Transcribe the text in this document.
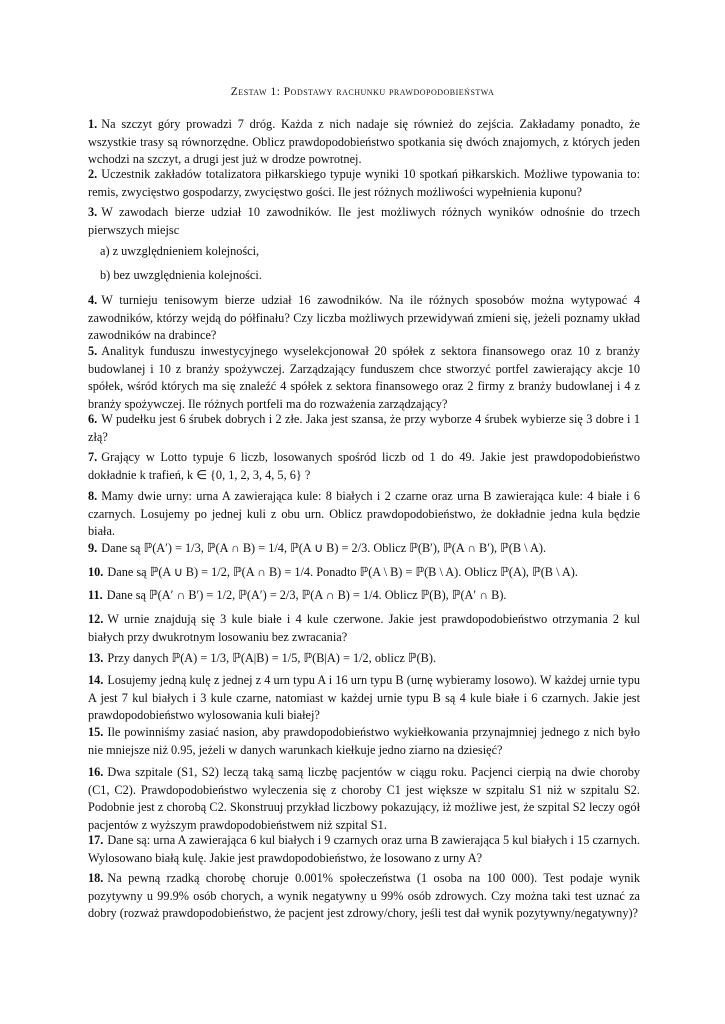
Zestaw 1: Podstawy rachunku prawdopodobieństwa

1. Na szczyt góry prowadzi 7 dróg. Każda z nich nadaje się również do zejścia. Zakładamy ponadto, że wszystkie trasy są równorzędne. Oblicz prawdopodobieństwo spotkania się dwóch znajomych, z których jeden wchodzi na szczyt, a drugi jest już w drodze powrotnej.

2. Uczestnik zakładów totalizatora piłkarskiego typuje wyniki 10 spotkań piłkarskich. Możliwe typowania to: remis, zwycięstwo gospodarzy, zwycięstwo gości. Ile jest różnych możliwości wypełnienia kuponu?

3. W zawodach bierze udział 10 zawodników. Ile jest możliwych różnych wyników odnośnie do trzech pierwszych miejsc

a) z uwzględnieniem kolejności,

b) bez uwzględnienia kolejności.

4. W turnieju tenisowym bierze udział 16 zawodników. Na ile różnych sposobów można wytypować 4 zawodników, którzy wejdą do półfinału? Czy liczba możliwych przewidywań zmieni się, jeżeli poznamy układ zawodników na drabince?

5. Analityk funduszu inwestycyjnego wyselekcjonował 20 spółek z sektora finansowego oraz 10 z branży budowlanej i 10 z branży spożywczej. Zarządzający funduszem chce stworzyć portfel zawierający akcje 10 spółek, wśród których ma się znaleźć 4 spółek z sektora finansowego oraz 2 firmy z branży budowlanej i 4 z branży spożywczej. Ile różnych portfeli ma do rozważenia zarządzający?

6. W pudełku jest 6 śrubek dobrych i 2 złe. Jaka jest szansa, że przy wyborze 4 śrubek wybierze się 3 dobre i 1 złą?

7. Grający w Lotto typuje 6 liczb, losowanych spośród liczb od 1 do 49. Jakie jest prawdopodobieństwo dokładnie k trafień, k ∈ {0, 1, 2, 3, 4, 5, 6} ?

8. Mamy dwie urny: urna A zawierająca kule: 8 białych i 2 czarne oraz urna B zawierająca kule: 4 białe i 6 czarnych. Losujemy po jednej kuli z obu urn. Oblicz prawdopodobieństwo, że dokładnie jedna kula będzie biała.

9. Dane są ℙ(A′) = 1/3, ℙ(A ∩ B) = 1/4, ℙ(A ∪ B) = 2/3. Oblicz ℙ(B′), ℙ(A ∩ B′), ℙ(B \ A).

10. Dane są ℙ(A ∪ B) = 1/2, ℙ(A ∩ B) = 1/4. Ponadto ℙ(A \ B) = ℙ(B \ A). Oblicz ℙ(A), ℙ(B \ A).

11. Dane są ℙ(A′ ∩ B′) = 1/2, ℙ(A′) = 2/3, ℙ(A ∩ B) = 1/4. Oblicz ℙ(B), ℙ(A′ ∩ B).

12. W urnie znajdują się 3 kule białe i 4 kule czerwone. Jakie jest prawdopodobieństwo otrzymania 2 kul białych przy dwukrotnym losowaniu bez zwracania?

13. Przy danych ℙ(A) = 1/3, ℙ(A|B) = 1/5, ℙ(B|A) = 1/2, oblicz ℙ(B).

14. Losujemy jedną kulę z jednej z 4 urn typu A i 16 urn typu B (urnę wybieramy losowo). W każdej urnie typu A jest 7 kul białych i 3 kule czarne, natomiast w każdej urnie typu B są 4 kule białe i 6 czarnych. Jakie jest prawdopodobieństwo wylosowania kuli białej?

15. Ile powinniśmy zasiać nasion, aby prawdopodobieństwo wykiełkowania przynajmniej jednego z nich było nie mniejsze niż 0.95, jeżeli w danych warunkach kiełkuje jedno ziarno na dziesięć?

16. Dwa szpitale (S1, S2) leczą taką samą liczbę pacjentów w ciągu roku. Pacjenci cierpią na dwie choroby (C1, C2). Prawdopodobieństwo wyleczenia się z choroby C1 jest większe w szpitalu S1 niż w szpitalu S2. Podobnie jest z chorobą C2. Skonstruuj przykład liczbowy pokazujący, iż możliwe jest, że szpital S2 leczy ogół pacjentów z wyższym prawdopodobieństwem niż szpital S1.

17. Dane są: urna A zawierająca 6 kul białych i 9 czarnych oraz urna B zawierająca 5 kul białych i 15 czarnych. Wylosowano białą kulę. Jakie jest prawdopodobieństwo, że losowano z urny A?

18. Na pewną rzadką chorobę choruje 0.001% społeczeństwa (1 osoba na 100 000). Test podaje wynik pozytywny u 99.9% osób chorych, a wynik negatywny u 99% osób zdrowych. Czy można taki test uznać za dobry (rozważ prawdopodobieństwo, że pacjent jest zdrowy/chory, jeśli test dał wynik pozytywny/negatywny)?
